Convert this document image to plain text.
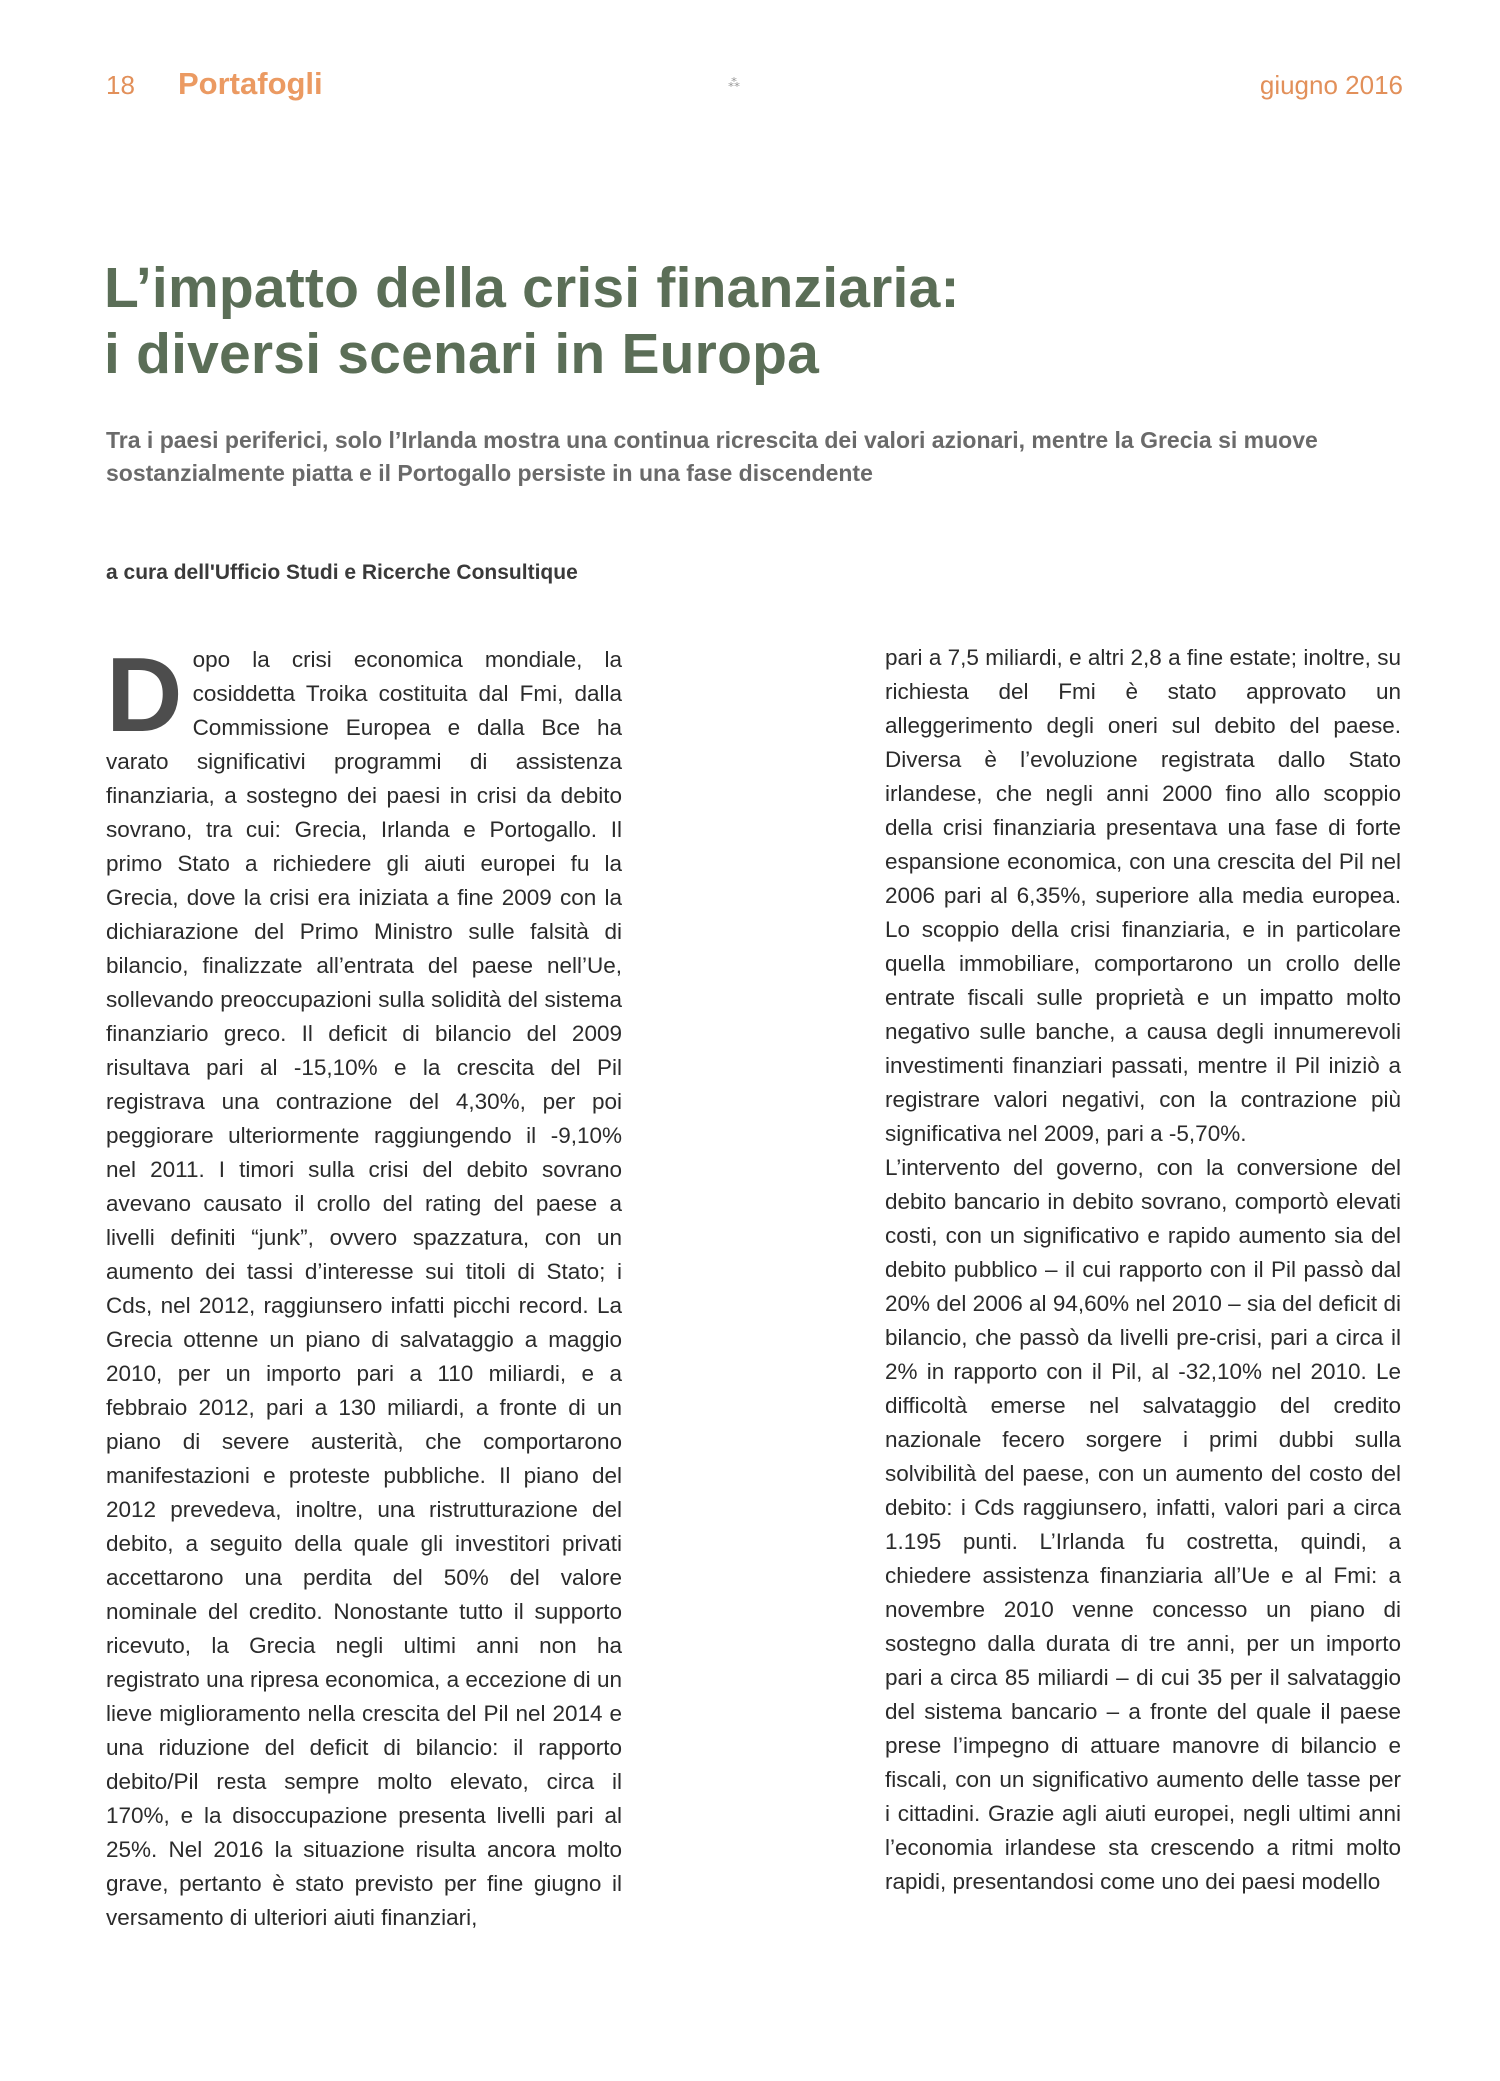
18 Portafogli	⁂	giugno 2016
L’impatto della crisi finanziaria:
i diversi scenari in Europa

Tra i paesi periferici, solo l’Irlanda mostra una continua ricrescita dei valori azionari, mentre la Grecia si muove sostanzialmente piatta e il Portogallo persiste in una fase discendente

a cura dell'Ufficio Studi e Ricerche Consultique

Dopo la crisi economica mondiale, la cosiddetta Troika costituita dal Fmi, dalla Commissione Europea e dalla Bce ha varato significativi programmi di assistenza finanziaria, a sostegno dei paesi in crisi da debito sovrano, tra cui: Grecia, Irlanda e Portogallo. Il primo Stato a richiedere gli aiuti europei fu la Grecia, dove la crisi era iniziata a fine 2009 con la dichiarazione del Primo Ministro sulle falsità di bilancio, finalizzate all’entrata del paese nell’Ue, sollevando preoccupazioni sulla solidità del sistema finanziario greco. Il deficit di bilancio del 2009 risultava pari al -15,10% e la crescita del Pil registrava una contrazione del 4,30%, per poi peggiorare ulteriormente raggiungendo il -9,10% nel 2011. I timori sulla crisi del debito sovrano avevano causato il crollo del rating del paese a livelli definiti “junk”, ovvero spazzatura, con un aumento dei tassi d’interesse sui titoli di Stato; i Cds, nel 2012, raggiunsero infatti picchi record. La Grecia ottenne un piano di salvataggio a maggio 2010, per un importo pari a 110 miliardi, e a febbraio 2012, pari a 130 miliardi, a fronte di un piano di severe austerità, che comportarono manifestazioni e proteste pubbliche. Il piano del 2012 prevedeva, inoltre, una ristrutturazione del debito, a seguito della quale gli investitori privati accettarono una perdita del 50% del valore nominale del credito. Nonostante tutto il supporto ricevuto, la Grecia negli ultimi anni non ha registrato una ripresa economica, a eccezione di un lieve miglioramento nella crescita del Pil nel 2014 e una riduzione del deficit di bilancio: il rapporto debito/Pil resta sempre molto elevato, circa il 170%, e la disoccupazione presenta livelli pari al 25%. Nel 2016 la situazione risulta ancora molto grave, pertanto è stato previsto per fine giugno il versamento di ulteriori aiuti finanziari,

pari a 7,5 miliardi, e altri 2,8 a fine estate; inoltre, su richiesta del Fmi è stato approvato un alleggerimento degli oneri sul debito del paese. Diversa è l’evoluzione registrata dallo Stato irlandese, che negli anni 2000 fino allo scoppio della crisi finanziaria presentava una fase di forte espansione economica, con una crescita del Pil nel 2006 pari al 6,35%, superiore alla media europea. Lo scoppio della crisi finanziaria, e in particolare quella immobiliare, comportarono un crollo delle entrate fiscali sulle proprietà e un impatto molto negativo sulle banche, a causa degli innumerevoli investimenti finanziari passati, mentre il Pil iniziò a registrare valori negativi, con la contrazione più significativa nel 2009, pari a -5,70%.

L’intervento del governo, con la conversione del debito bancario in debito sovrano, comportò elevati costi, con un significativo e rapido aumento sia del debito pubblico – il cui rapporto con il Pil passò dal 20% del 2006 al 94,60% nel 2010 – sia del deficit di bilancio, che passò da livelli pre-crisi, pari a circa il 2% in rapporto con il Pil, al -32,10% nel 2010. Le difficoltà emerse nel salvataggio del credito nazionale fecero sorgere i primi dubbi sulla solvibilità del paese, con un aumento del costo del debito: i Cds raggiunsero, infatti, valori pari a circa 1.195 punti. L’Irlanda fu costretta, quindi, a chiedere assistenza finanziaria all’Ue e al Fmi: a novembre 2010 venne concesso un piano di sostegno dalla durata di tre anni, per un importo pari a circa 85 miliardi – di cui 35 per il salvataggio del sistema bancario – a fronte del quale il paese prese l’impegno di attuare manovre di bilancio e fiscali, con un significativo aumento delle tasse per i cittadini. Grazie agli aiuti europei, negli ultimi anni l’economia irlandese sta crescendo a ritmi molto rapidi, presentandosi come uno dei paesi modello
